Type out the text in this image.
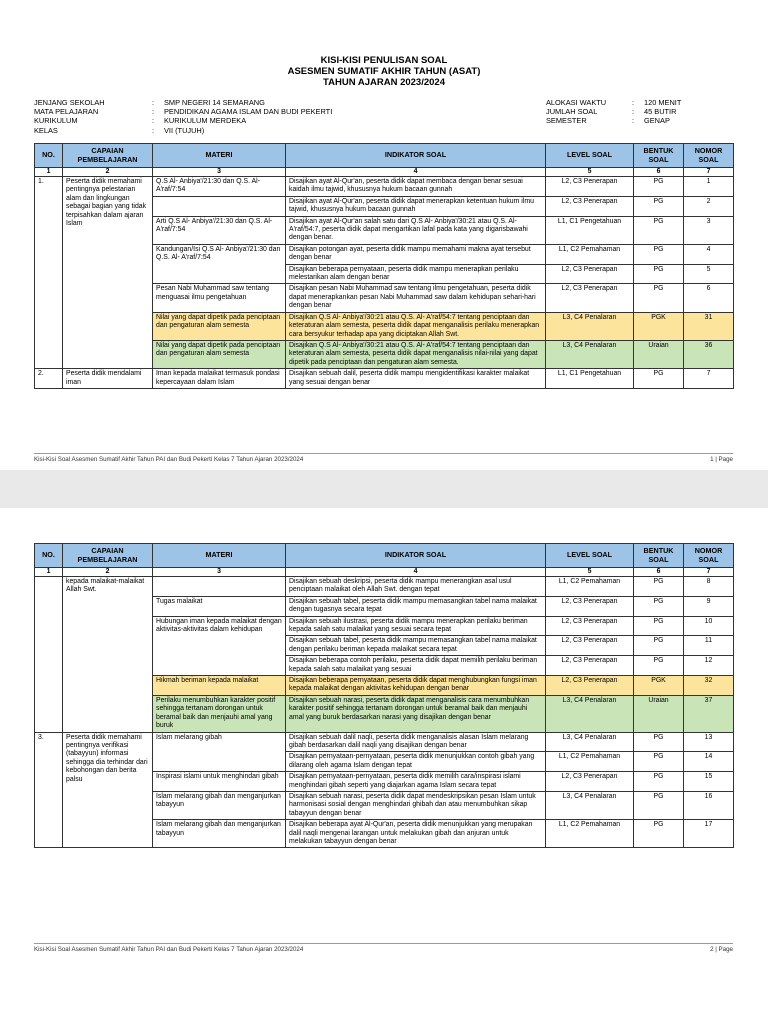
KISI-KISI PENULISAN SOAL
ASESMEN SUMATIF AKHIR TAHUN (ASAT)
TAHUN AJARAN 2023/2024
JENJANG SEKOLAH	:	SMP NEGERI 14 SEMARANG
MATA PELAJARAN	:	PENDIDIKAN AGAMA ISLAM DAN BUDI PEKERTI
KURIKULUM	:	KURIKULUM MERDEKA
KELAS	:	VII (TUJUH)
ALOKASI WAKTU	:	120 MENIT
JUMLAH SOAL	:	45 BUTIR
SEMESTER	:	GENAP
NO.	CAPAIAN PEMBELAJARAN	MATERI	INDIKATOR SOAL	LEVEL SOAL	BENTUK SOAL	NOMOR SOAL
1	2	3	4	5	6	7
1.	Peserta didik memahami pentingnya pelestarian alam dan lingkungan sebagai bagian yang tidak terpisahkan dalam ajaran Islam	Q.S Al- Anbiya'/21:30 dan Q.S. Al-A'raf/7:54	Disajikan ayat Al-Qur'an, peserta didik dapat membaca dengan benar sesuai kaidah ilmu tajwid, khususnya hukum bacaan gunnah	L2, C3 Penerapan	PG	1
			Disajikan ayat Al-Qur'an, peserta didik dapat menerapkan ketentuan hukum ilmu tajwid, khususnya hukum bacaan gunnah	L2, C3 Penerapan	PG	2
		Arti Q.S Al- Anbiya'/21:30 dan Q.S. Al- A'raf/7:54	Disajikan ayat Al-Qur'an salah satu dari Q.S Al- Anbiya'/30:21 atau Q.S. Al- A'raf/54:7, peserta didik dapat mengartikan lafal pada kata yang digarisbawahi dengan benar.	L1, C1 Pengetahuan	PG	3
		Kandungan/Isi Q.S Al- Anbiya'/21:30 dan Q.S. Al- A'raf/7:54	Disajikan potongan ayat, peserta didik mampu memahami makna ayat tersebut dengan benar	L1, C2 Pemahaman	PG	4
			Disajikan beberapa pernyataan, peserta didik mampu menerapkan perilaku melestarikan alam dengan benar	L2, C3 Penerapan	PG	5
		Pesan Nabi Muhammad saw tentang menguasai ilmu pengetahuan	Disajikan pesan Nabi Muhammad saw tentang ilmu pengetahuan, peserta didik dapat menerapkankan pesan Nabi Muhammad saw dalam kehidupan sehari-hari dengan benar	L2, C3 Penerapan	PG	6
		Nilai yang dapat dipetik pada penciptaan dan pengaturan alam semesta	Disajikan Q.S Al- Anbiya'/30:21 atau Q.S. Al- A'raf/54:7 tentang penciptaan dan keteraturan alam semesta, peserta didik dapat menganalisis perilaku menerapkan cara bersyukur terhadap apa yang diciptakan Allah Swt.	L3, C4 Penalaran	PGK	31
		Nilai yang dapat dipetik pada penciptaan dan pengaturan alam semesta	Disajikan Q.S Al- Anbiya'/30:21 atau Q.S. Al- A'raf/54:7 tentang penciptaan dan keteraturan alam semesta, peserta didik dapat menganalisis nilai-nilai yang dapat dipetik pada penciptaan dan pengaturan alam semesta.	L3, C4 Penalaran	Uraian	36
2.	Peserta didik mendalami iman	Iman kepada malaikat termasuk pondasi kepercayaan dalam Islam	Disajikan sebuah dalil, peserta didik mampu mengidentifikasi karakter malaikat yang sesuai dengan benar	L1, C1 Pengetahuan	PG	7
Kisi-Kisi Soal Asesmen Sumatif Akhir Tahun PAI dan Budi Pekerti Kelas 7 Tahun Ajaran 2023/2024	1 | Page
NO.	CAPAIAN PEMBELAJARAN	MATERI	INDIKATOR SOAL	LEVEL SOAL	BENTUK SOAL	NOMOR SOAL
1	2	3	4	5	6	7
	kepada malaikat-malaikat Allah Swt.		Disajikan sebuah deskripsi, peserta didik mampu menerangkan asal usul penciptaan malaikat oleh Allah Swt. dengan tepat	L1, C2 Pemahaman	PG	8
		Tugas malaikat	Disajikan sebuah tabel, peserta didik mampu memasangkan tabel nama malaikat dengan tugasnya secara tepat	L2, C3 Penerapan	PG	9
		Hubungan iman kepada malaikat dengan aktivitas-aktivitas dalam kehidupan	Disajikan sebuah ilustrasi, peserta didik mampu menerapkan perilaku beriman kepada salah satu malaikat yang sesuai secara tepat	L2, C3 Penerapan	PG	10
			Disajikan sebuah tabel, peserta didik mampu memasangkan tabel nama malaikat dengan perilaku beriman kepada malaikat secara tepat	L2, C3 Penerapan	PG	11
			Disajikan beberapa contoh perilaku, peserta didik dapat memilih perilaku beriman kepada salah satu malaikat yang sesuai	L2, C3 Penerapan	PG	12
		Hikmah beriman kepada malaikat	Disajikan beberapa pernyataan, peserta didik dapat menghubungkan fungsi iman kepada malaikat dengan aktivitas kehidupan dengan benar	L2, C3 Penerapan	PGK	32
		Perilaku menumbuhkan karakter positif sehingga tertanam dorongan untuk beramal baik dan menjauhi amal yang buruk	Disajikan sebuah narasi, peserta didik dapat menganalisis cara menumbuhkan karakter positif sehingga tertanam dorongan untuk beramal baik dan menjauhi amal yang buruk berdasarkan narasi yang disajikan dengan benar	L3, C4 Penalaran	Uraian	37
3.	Peserta didik memahami pentingnya verifikasi (tabayyun) informasi sehingga dia terhindar dari kebohongan dan berita palsu	Islam melarang gibah	Disajikan sebuah dalil naqli, peserta didik menganalisis alasan Islam melarang gibah berdasarkan dalil naqli yang disajikan dengan benar	L3, C4 Penalaran	PG	13
			Disajikan pernyataan-pernyataan, peserta didik menunjukkan contoh gibah yang dilarang oleh agama Islam dengan tepat	L1, C2 Pemahaman	PG	14
		Inspirasi islami untuk menghindari gibah	Disajikan pernyataan-pernyataan, peserta didik memilih cara/inspirasi islami menghindari gibah seperti yang diajarkan agama Islam secara tepat	L2, C3 Penerapan	PG	15
		Islam melarang gibah dan menganjurkan tabayyun	Disajikan sebuah narasi, peserta didik dapat mendeskripsikan pesan Islam untuk harmonisasi sosial dengan menghindari ghibah dan atau menumbuhkan sikap tabayyun dengan benar	L3, C4 Penalaran	PG	16
		Islam melarang gibah dan menganjurkan tabayyun	Disajikan beberapa ayat Al-Qur'an, peserta didik menunjukkan yang merupakan dalil naqli mengenai larangan untuk melakukan gibah dan anjuran untuk melakukan tabayyun dengan benar	L1, C2 Pemahaman	PG	17
Kisi-Kisi Soal Asesmen Sumatif Akhir Tahun PAI dan Budi Pekerti Kelas 7 Tahun Ajaran 2023/2024	2 | Page
